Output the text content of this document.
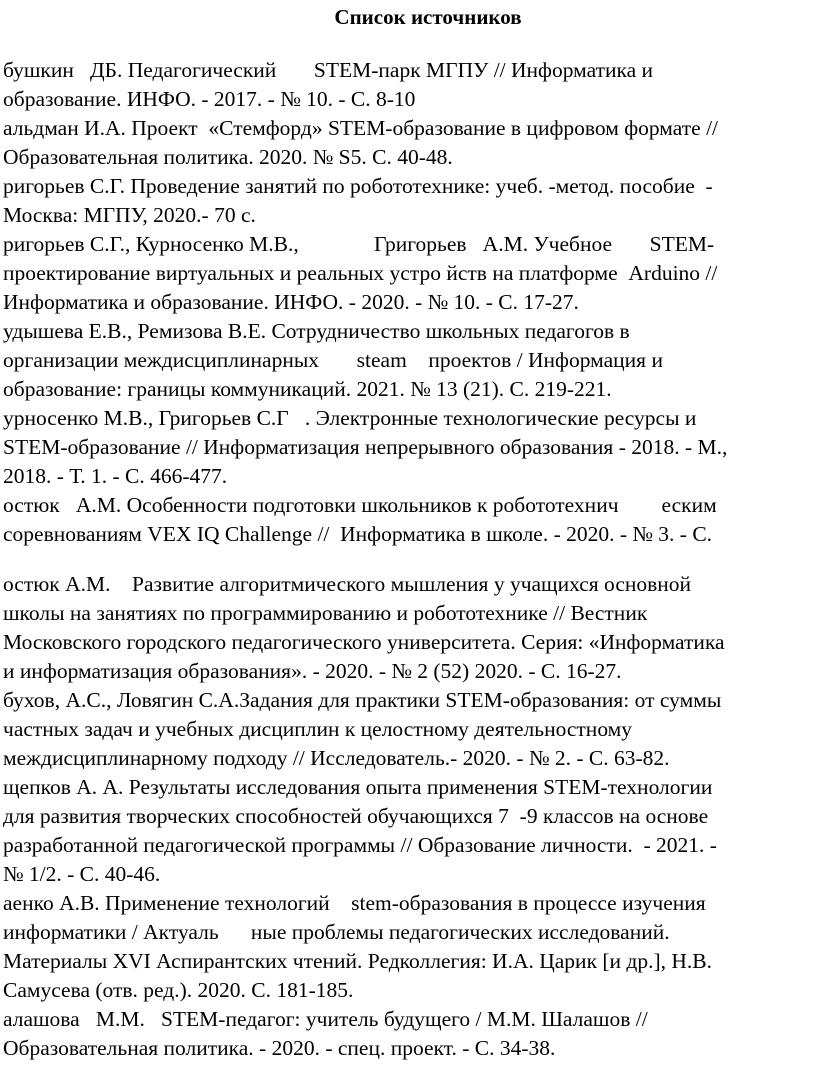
Список источников
бушкин   ДБ. Педагогический       STEM-парк МГПУ // Информатика и
образование. ИНФО. - 2017. - № 10. - С. 8-10
альдман И.А. Проект  «Стемфорд» STEM-образование в цифровом формате //
Образовательная политика. 2020. № S5. С. 40-48.
ригорьев С.Г. Проведение занятий по робототехнике: учеб. -метод. пособие  -
Москва: МГПУ, 2020.- 70 с.
ригорьев С.Г., Курносенко М.В.,              Григорьев   А.М. Учебное       STEM-
проектирование виртуальных и реальных устро йств на платформе  Arduino //
Информатика и образование. ИНФО. - 2020. - № 10. - С. 17-27.
удышева Е.В., Ремизова В.Е. Сотрудничество школьных педагогов в
организации междисциплинарных       steam    проектов / Информация и
образование: границы коммуникаций. 2021. № 13 (21). С. 219-221.
урносенко М.В., Григорьев С.Г   . Электронные технологические ресурсы и
STEM-образование // Информатизация непрерывного образования - 2018. - М.,
2018. - Т. 1. - С. 466-477.
остюк   А.М. Особенности подготовки школьников к робототехнич        еским
соревнованиям VEX IQ Challenge //  Информатика в школе. - 2020. - № 3. - С.
остюк А.М.    Развитие алгоритмического мышления у учащихся основной
школы на занятиях по программированию и робототехнике // Вестник
Московского городского педагогического университета. Серия: «Информатика
и информатизация образования». - 2020. - № 2 (52) 2020. - С. 16-27.
бухов, А.С., Ловягин С.А.Задания для практики STEM-образования: от суммы
частных задач и учебных дисциплин к целостному деятельностному
междисциплинарному подходу // Исследователь.- 2020. - № 2. - С. 63-82.
щепков А. А. Результаты исследования опыта применения STEM-технологии
для развития творческих способностей обучающихся 7  -9 классов на основе
разработанной педагогической программы // Образование личности.  - 2021. -
№ 1/2. - С. 40-46.
аенко А.В. Применение технологий    stem-образования в процессе изучения
информатики / Актуаль      ные проблемы педагогических исследований.
Материалы XVI Аспирантских чтений. Редколлегия: И.А. Царик [и др.], Н.В.
Самусева (отв. ред.). 2020. С. 181-185.
алашова   М.М.   STEM-педагог: учитель будущего / М.М. Шалашов //
Образовательная политика. - 2020. - спец. проект. - С. 34-38.
